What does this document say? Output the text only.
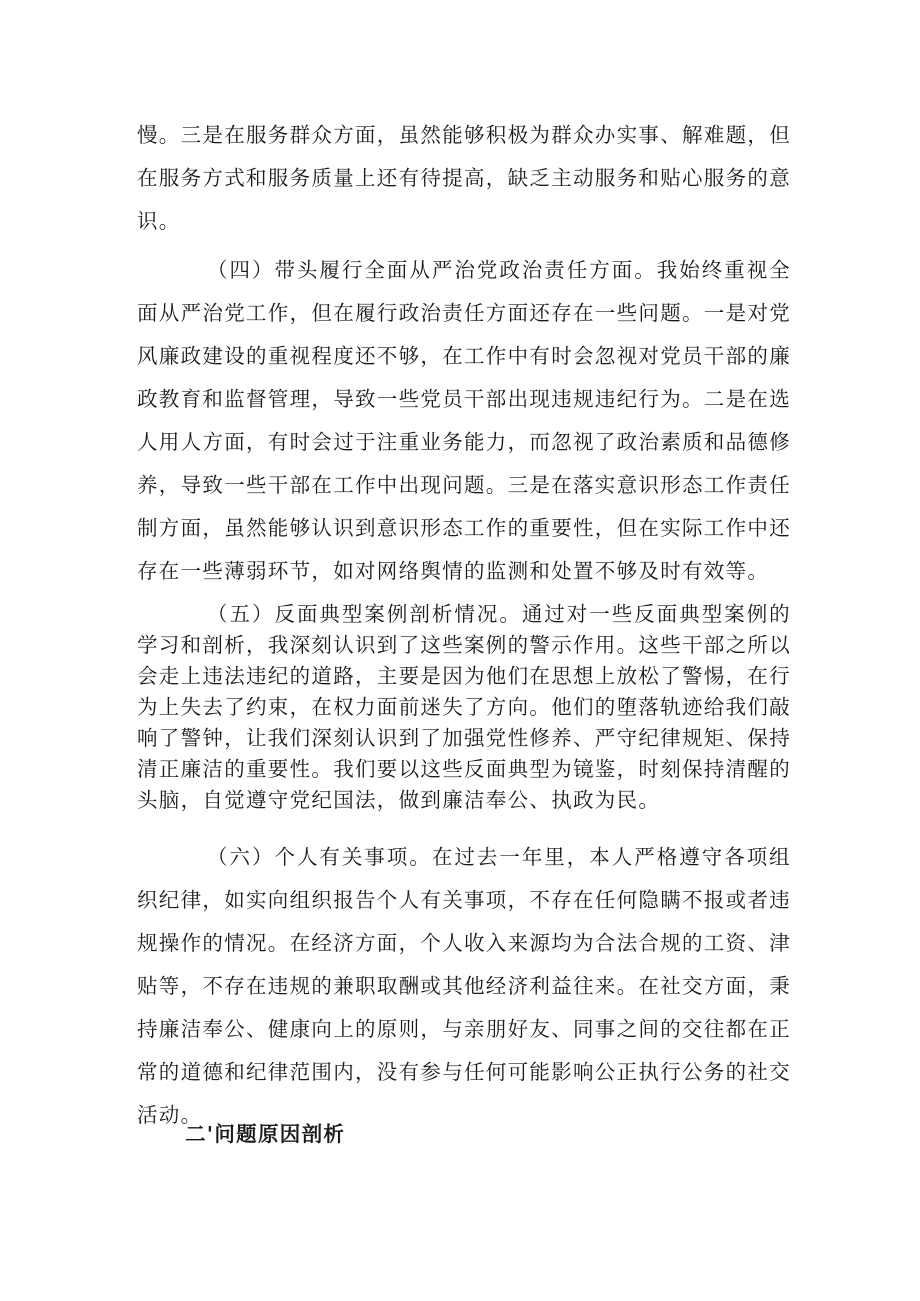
慢。三是在服务群众方面，虽然能够积极为群众办实事、解难题，但在服务方式和服务质量上还有待提高，缺乏主动服务和贴心服务的意识。

（四）带头履行全面从严治党政治责任方面。我始终重视全面从严治党工作，但在履行政治责任方面还存在一些问题。一是对党风廉政建设的重视程度还不够，在工作中有时会忽视对党员干部的廉政教育和监督管理，导致一些党员干部出现违规违纪行为。二是在选人用人方面，有时会过于注重业务能力，而忽视了政治素质和品德修养，导致一些干部在工作中出现问题。三是在落实意识形态工作责任制方面，虽然能够认识到意识形态工作的重要性，但在实际工作中还存在一些薄弱环节，如对网络舆情的监测和处置不够及时有效等。

（五）反面典型案例剖析情况。通过对一些反面典型案例的学习和剖析，我深刻认识到了这些案例的警示作用。这些干部之所以会走上违法违纪的道路，主要是因为他们在思想上放松了警惕，在行为上失去了约束，在权力面前迷失了方向。他们的堕落轨迹给我们敲响了警钟，让我们深刻认识到了加强党性修养、严守纪律规矩、保持清正廉洁的重要性。我们要以这些反面典型为镜鉴，时刻保持清醒的头脑，自觉遵守党纪国法，做到廉洁奉公、执政为民。

（六）个人有关事项。在过去一年里，本人严格遵守各项组织纪律，如实向组织报告个人有关事项，不存在任何隐瞒不报或者违规操作的情况。在经济方面，个人收入来源均为合法合规的工资、津贴等，不存在违规的兼职取酬或其他经济利益往来。在社交方面，秉持廉洁奉公、健康向上的原则，与亲朋好友、同事之间的交往都在正常的道德和纪律范围内，没有参与任何可能影响公正执行公务的社交活动。

二'问题原因剖析
